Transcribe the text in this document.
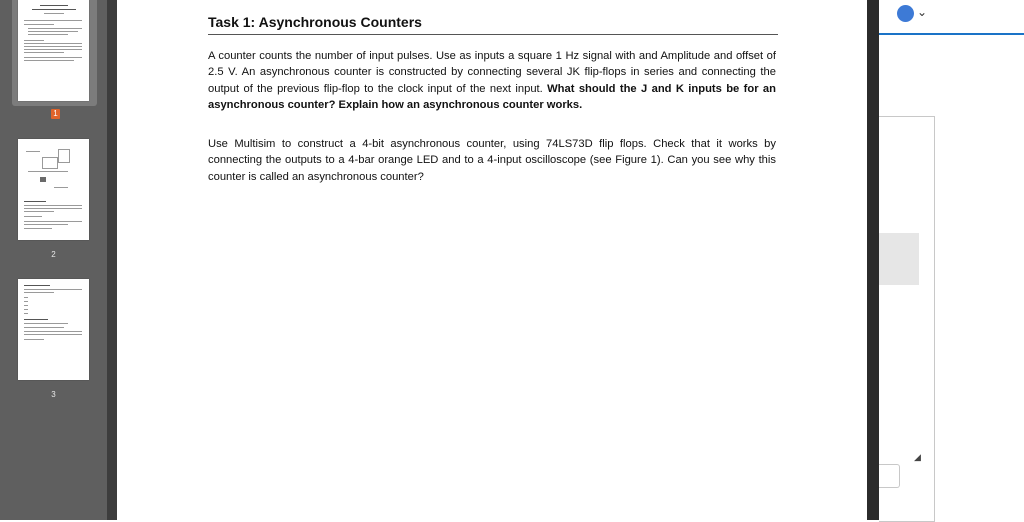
1
2
3
Task 1: Asynchronous Counters
A counter counts the number of input pulses. Use as inputs a square 1 Hz signal with and Amplitude and offset of 2.5 V. An asynchronous counter is constructed by connecting several JK flip-flops in series and connecting the output of the previous flip-flop to the clock input of the next input. What should the J and K inputs be for an asynchronous counter? Explain how an asynchronous counter works.
Use Multisim to construct a 4-bit asynchronous counter, using 74LS73D flip flops. Check that it works by connecting the outputs to a 4-bar orange LED and to a 4-input oscilloscope (see Figure 1). Can you see why this counter is called an asynchronous counter?
⌄
◢
